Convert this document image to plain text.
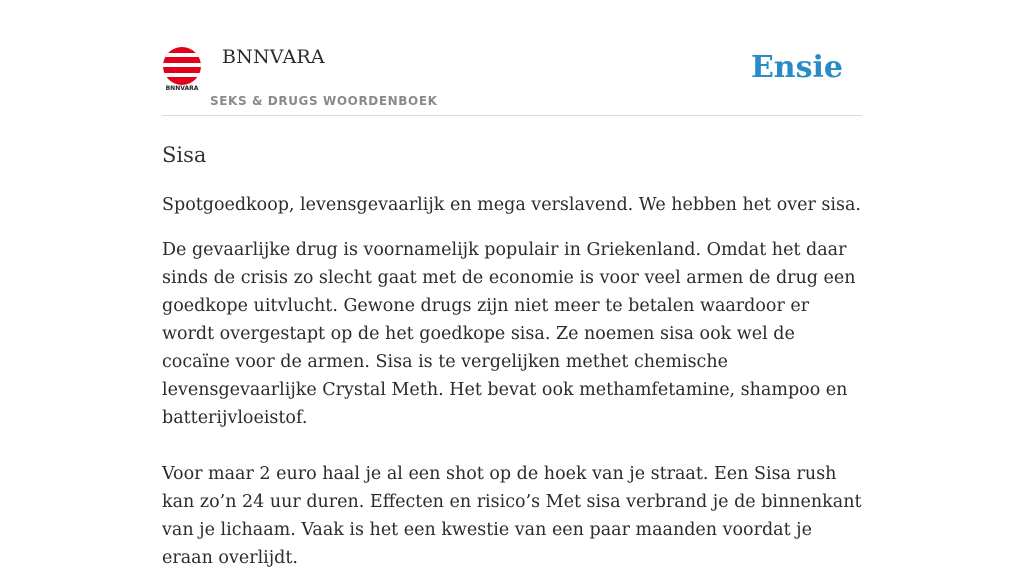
BNNVARA
BNNVARA
SEKS & DRUGS WOORDENBOEK
Ensie
Sisa

Spotgoedkoop, levensgevaarlijk en mega verslavend. We hebben het over sisa.

De gevaarlijke drug is voornamelijk populair in Griekenland. Omdat het daar sinds de crisis zo slecht gaat met de economie is voor veel armen de drug een goedkope uitvlucht. Gewone drugs zijn niet meer te betalen waardoor er wordt overgestapt op de het goedkope sisa. Ze noemen sisa ook wel de cocaïne voor de armen. Sisa is te vergelijken methet chemische levensgevaarlijke Crystal Meth. Het bevat ook methamfetamine, shampoo en batterijvloeistof.

Voor maar 2 euro haal je al een shot op de hoek van je straat. Een Sisa rush kan zo’n 24 uur duren. Effecten en risico’s Met sisa verbrand je de binnenkant van je lichaam. Vaak is het een kwestie van een paar maanden voordat je eraan overlijdt.
